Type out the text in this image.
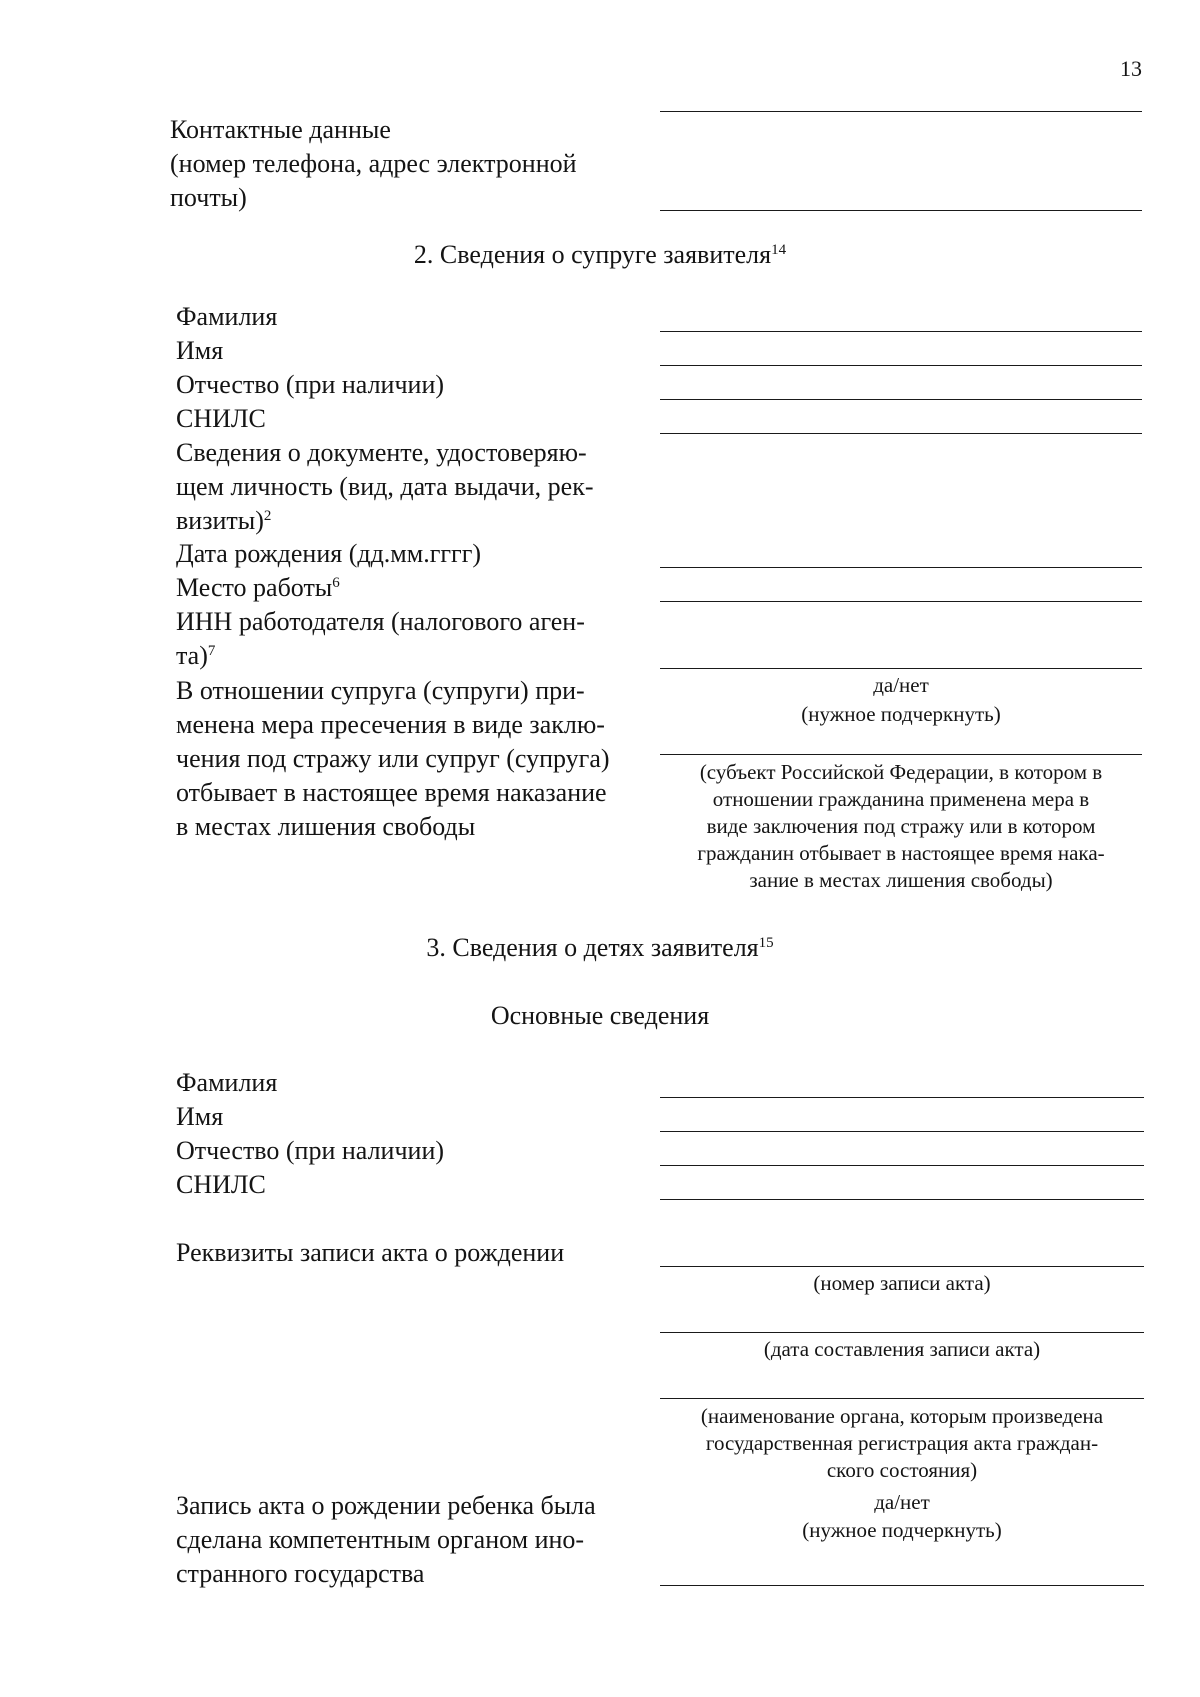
13
Контактные данные
(номер телефона, адрес электронной
почты)
2. Сведения о супруге заявителя$^{14}$
Фамилия
Имя
Отчество (при наличии)
СНИЛС
Сведения о документе, удостоверяю-
щем личность (вид, дата выдачи, рек-
визиты)$^2$
Дата рождения (дд.мм.гггг)
Место работы$^6$
ИНН работодателя (налогового аген-
та)$^7$
В отношении супруга (супруги) при-
менена мера пресечения в виде заклю-
чения под стражу или супруг (супруга)
отбывает в настоящее время наказание
в местах лишения свободы
да/нет
(нужное подчеркнуть)
(субъект Российской Федерации, в котором в
отношении гражданина применена мера в
виде заключения под стражу или в котором
гражданин отбывает в настоящее время нака-
зание в местах лишения свободы)
3. Сведения о детях заявителя$^{15}$
Основные сведения
Фамилия
Имя
Отчество (при наличии)
СНИЛС
Реквизиты записи акта о рождении
(номер записи акта)
(дата составления записи акта)
(наименование органа, которым произведена
государственная регистрация акта граждан-
ского состояния)
Запись акта о рождении ребенка была
сделана компетентным органом ино-
странного государства
да/нет
(нужное подчеркнуть)
